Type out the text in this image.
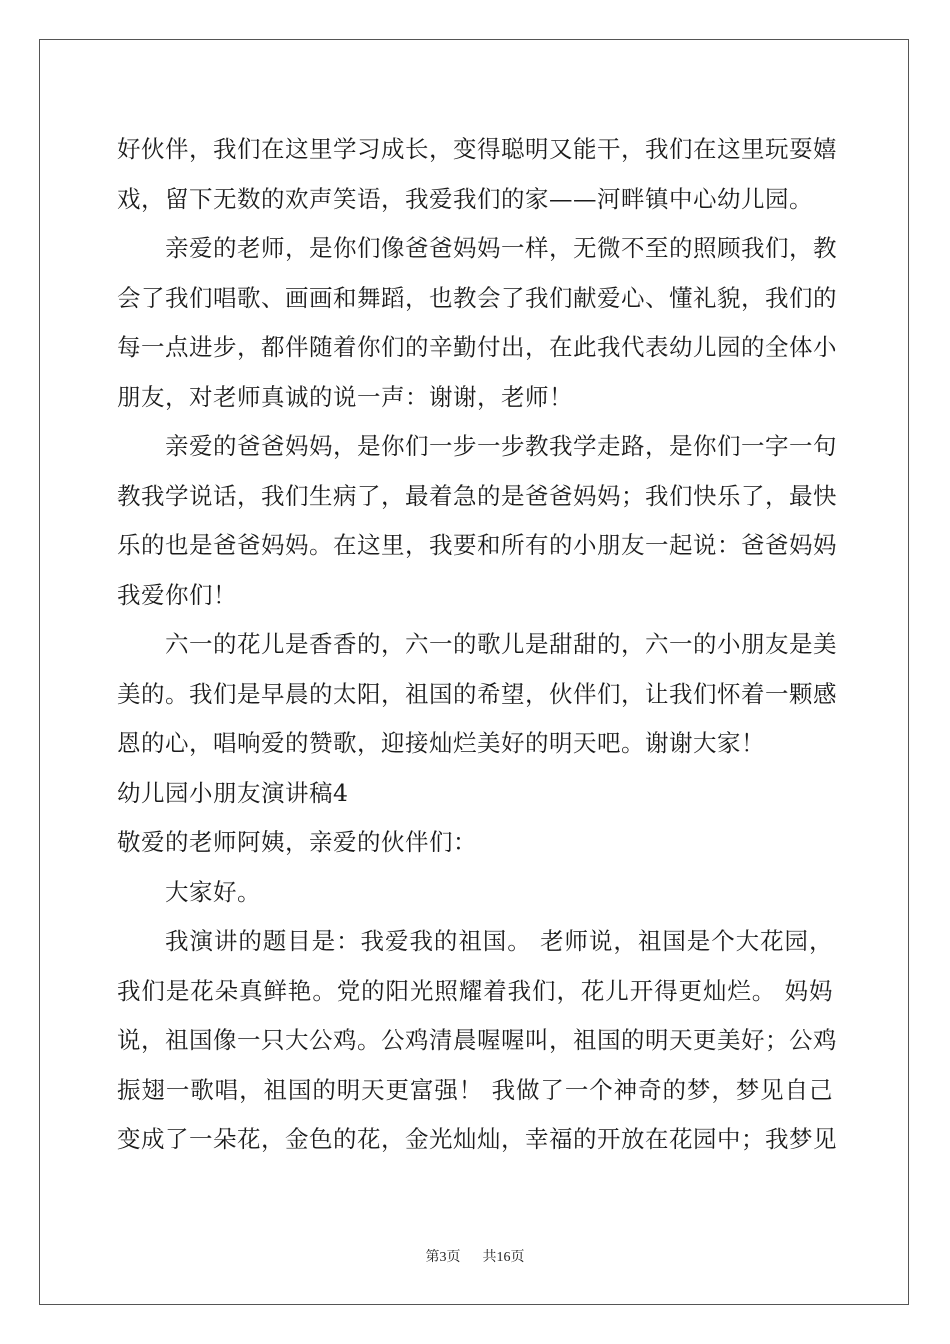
好伙伴，我们在这里学习成长，变得聪明又能干，我们在这里玩耍嬉
戏，留下无数的欢声笑语，我爱我们的家——河畔镇中心幼儿园。
亲爱的老师，是你们像爸爸妈妈一样，无微不至的照顾我们，教
会了我们唱歌、画画和舞蹈，也教会了我们献爱心、懂礼貌，我们的
每一点进步，都伴随着你们的辛勤付出，在此我代表幼儿园的全体小
朋友，对老师真诚的说一声：谢谢，老师！
亲爱的爸爸妈妈，是你们一步一步教我学走路，是你们一字一句
教我学说话，我们生病了，最着急的是爸爸妈妈；我们快乐了，最快
乐的也是爸爸妈妈。在这里，我要和所有的小朋友一起说：爸爸妈妈
我爱你们！
六一的花儿是香香的，六一的歌儿是甜甜的，六一的小朋友是美
美的。我们是早晨的太阳，祖国的希望，伙伴们，让我们怀着一颗感
恩的心，唱响爱的赞歌，迎接灿烂美好的明天吧。谢谢大家！
幼儿园小朋友演讲稿4
敬爱的老师阿姨，亲爱的伙伴们：
大家好。
我演讲的题目是：我爱我的祖国。 老师说，祖国是个大花园，
我们是花朵真鲜艳。党的阳光照耀着我们，花儿开得更灿烂。 妈妈
说，祖国像一只大公鸡。公鸡清晨喔喔叫，祖国的明天更美好；公鸡
振翅一歌唱，祖国的明天更富强！ 我做了一个神奇的梦，梦见自己
变成了一朵花，金色的花，金光灿灿，幸福的开放在花园中；我梦见
第3页 共16页
